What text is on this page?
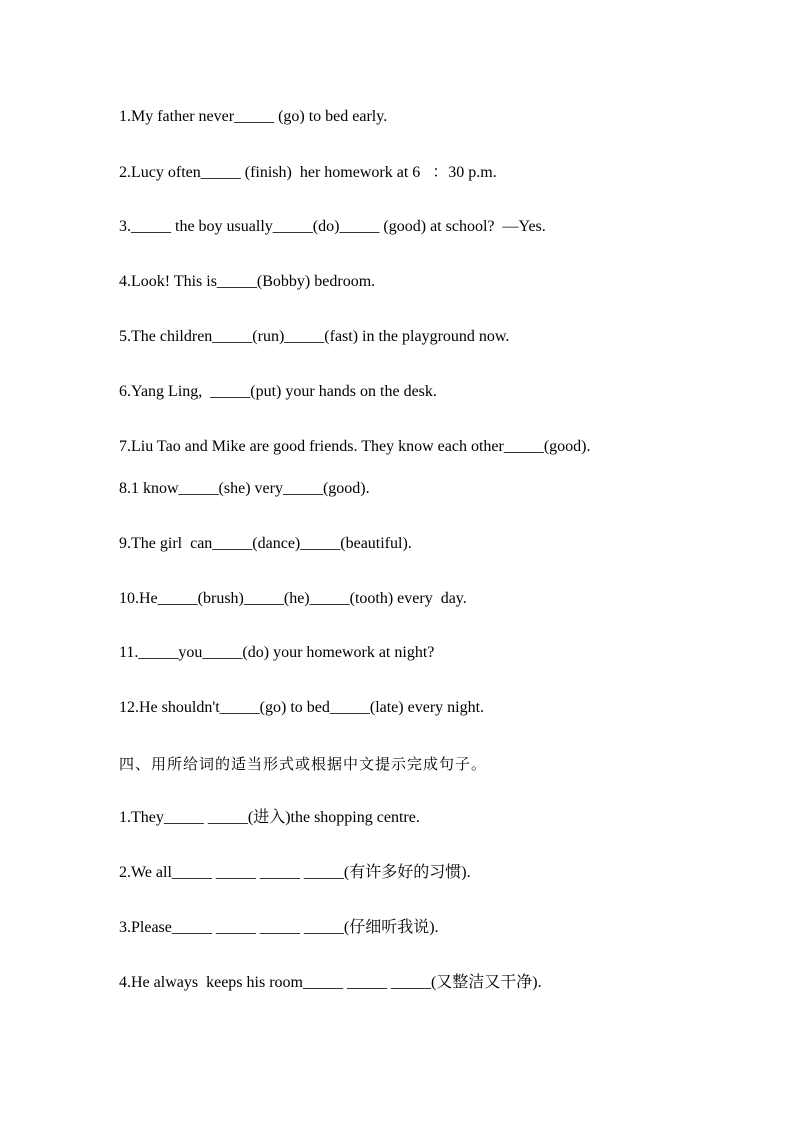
1.My father never_____ (go) to bed early.
2.Lucy often_____ (finish)  her homework at 6   ：30 p.m.
3._____ the boy usually_____(do)_____ (good) at school?  —Yes.
4.Look! This is_____(Bobby) bedroom.
5.The children_____(run)_____(fast) in the playground now.
6.Yang Ling,  _____(put) your hands on the desk.
7.Liu Tao and Mike are good friends. They know each other_____(good).
8.1 know_____(she) very_____(good).
9.The girl  can_____(dance)_____(beautiful).
10.He_____(brush)_____(he)_____(tooth) every  day.
11._____you_____(do) your homework at night?
12.He shouldn't_____(go) to bed_____(late) every night.
四、用所给词的适当形式或根据中文提示完成句子。
1.They_____ _____(进入)the shopping centre.
2.We all_____ _____ _____ _____(有许多好的习惯).
3.Please_____ _____ _____ _____(仔细听我说).
4.He always  keeps his room_____ _____ _____(又整洁又干净).
